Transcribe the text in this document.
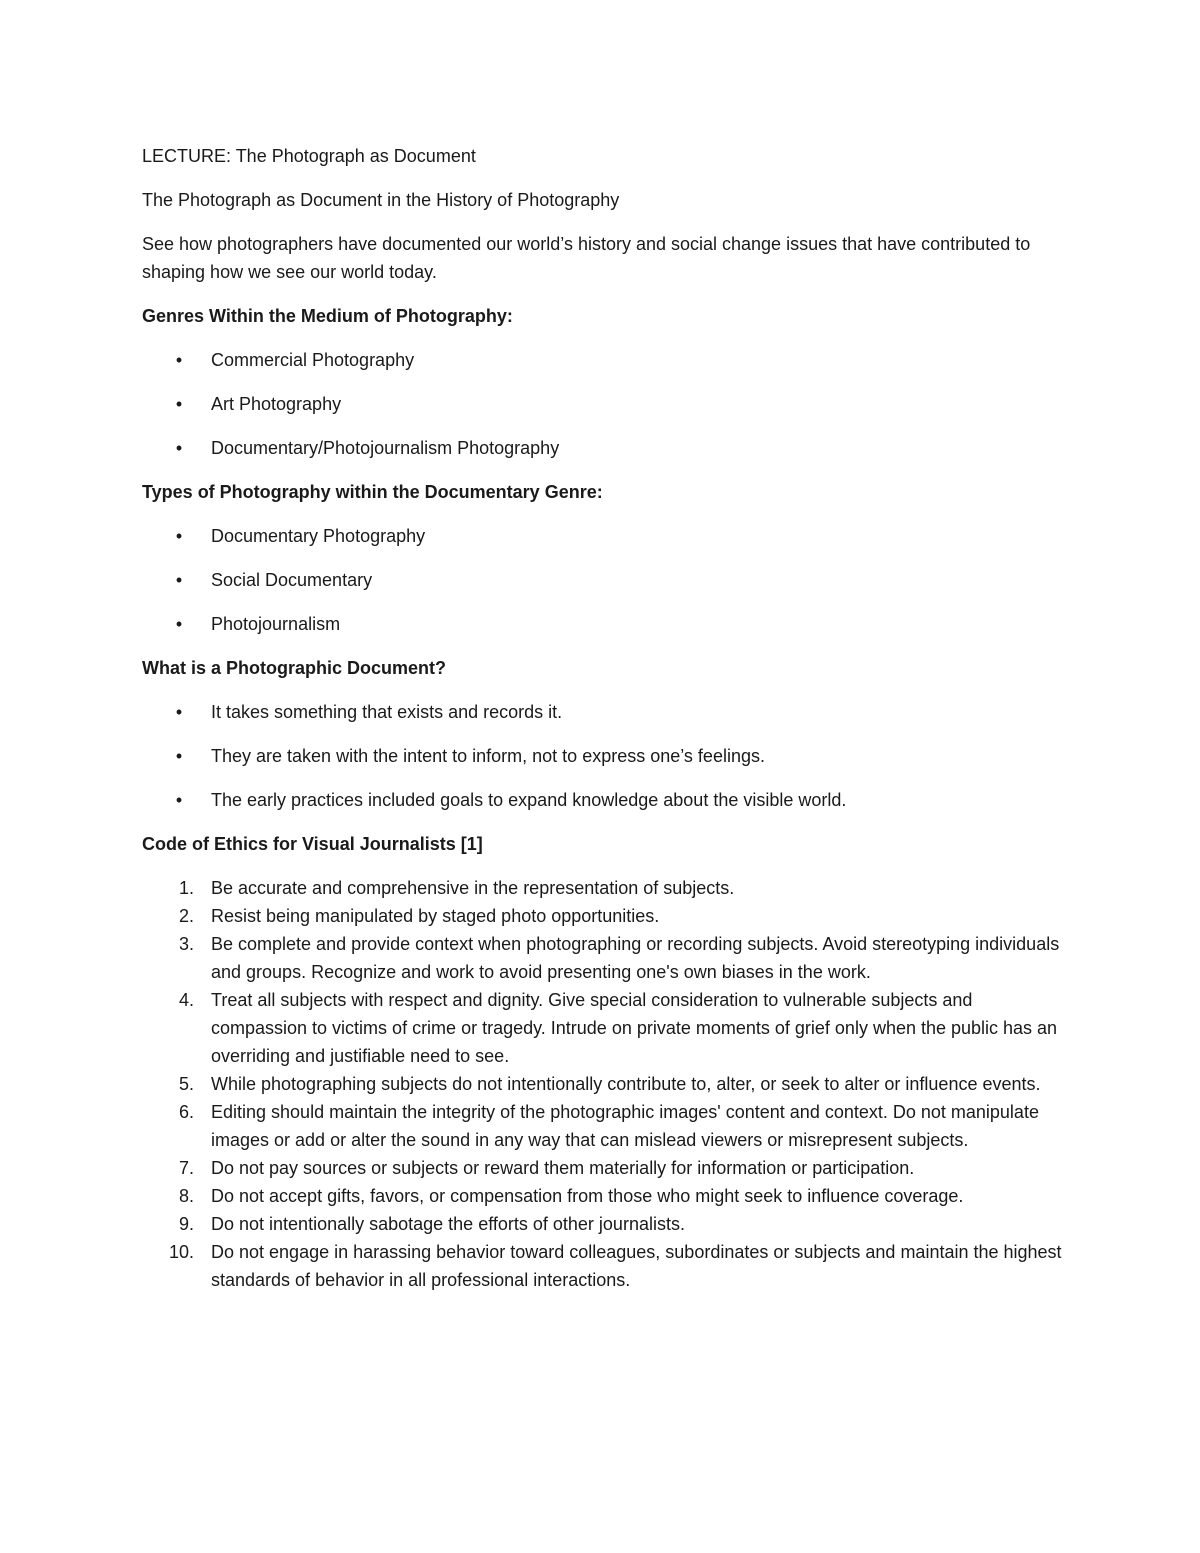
LECTURE: The Photograph as Document

The Photograph as Document in the History of Photography

See how photographers have documented our world’s history and social change issues that have contributed to shaping how we see our world today.

Genres Within the Medium of Photography:

• Commercial Photography
• Art Photography
• Documentary/Photojournalism Photography

Types of Photography within the Documentary Genre:

• Documentary Photography
• Social Documentary
• Photojournalism

What is a Photographic Document?

• It takes something that exists and records it.
• They are taken with the intent to inform, not to express one’s feelings.
• The early practices included goals to expand knowledge about the visible world.

Code of Ethics for Visual Journalists [1]

1. Be accurate and comprehensive in the representation of subjects.
2. Resist being manipulated by staged photo opportunities.
3. Be complete and provide context when photographing or recording subjects. Avoid stereotyping individuals and groups. Recognize and work to avoid presenting one's own biases in the work.
4. Treat all subjects with respect and dignity. Give special consideration to vulnerable subjects and compassion to victims of crime or tragedy. Intrude on private moments of grief only when the public has an overriding and justifiable need to see.
5. While photographing subjects do not intentionally contribute to, alter, or seek to alter or influence events.
6. Editing should maintain the integrity of the photographic images' content and context. Do not manipulate images or add or alter the sound in any way that can mislead viewers or misrepresent subjects.
7. Do not pay sources or subjects or reward them materially for information or participation.
8. Do not accept gifts, favors, or compensation from those who might seek to influence coverage.
9. Do not intentionally sabotage the efforts of other journalists.
10. Do not engage in harassing behavior toward colleagues, subordinates or subjects and maintain the highest standards of behavior in all professional interactions.
